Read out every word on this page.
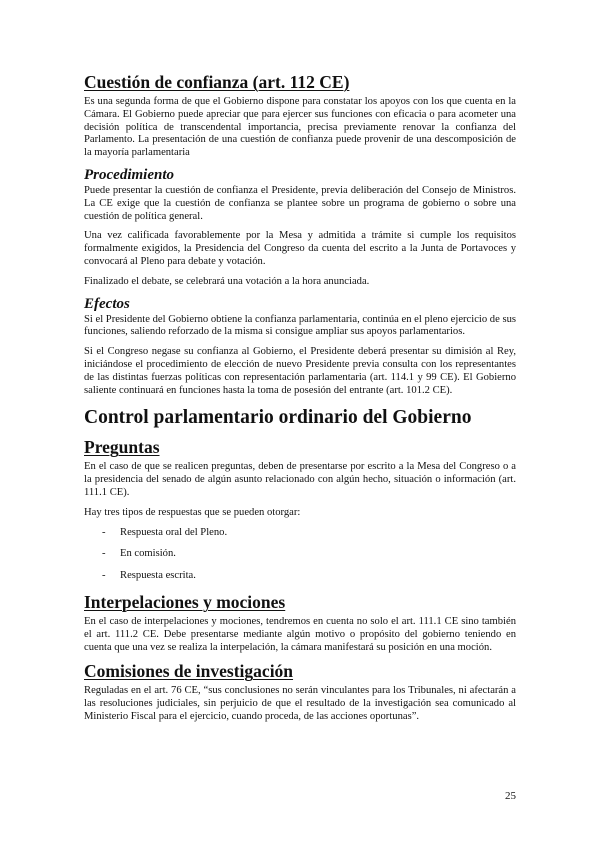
Cuestión de confianza (art. 112 CE)

Es una segunda forma de que el Gobierno dispone para constatar los apoyos con los que cuenta en la Cámara. El Gobierno puede apreciar que para ejercer sus funciones con eficacia o para acometer una decisión política de transcendental importancia, precisa previamente renovar la confianza del Parlamento. La presentación de una cuestión de confianza puede provenir de una descomposición de la mayoría parlamentaria

Procedimiento

Puede presentar la cuestión de confianza el Presidente, previa deliberación del Consejo de Ministros. La CE exige que la cuestión de confianza se plantee sobre un programa de gobierno o sobre una cuestión de política general.

Una vez calificada favorablemente por la Mesa y admitida a trámite si cumple los requisitos formalmente exigidos, la Presidencia del Congreso da cuenta del escrito a la Junta de Portavoces y convocará al Pleno para debate y votación.

Finalizado el debate, se celebrará una votación a la hora anunciada.

Efectos

Si el Presidente del Gobierno obtiene la confianza parlamentaria, continúa en el pleno ejercicio de sus funciones, saliendo reforzado de la misma si consigue ampliar sus apoyos parlamentarios.

Si el Congreso negase su confianza al Gobierno, el Presidente deberá presentar su dimisión al Rey, iniciándose el procedimiento de elección de nuevo Presidente previa consulta con los representantes de las distintas fuerzas políticas con representación parlamentaria (art. 114.1 y 99 CE). El Gobierno saliente continuará en funciones hasta la toma de posesión del entrante (art. 101.2 CE).

Control parlamentario ordinario del Gobierno
Preguntas

En el caso de que se realicen preguntas, deben de presentarse por escrito a la Mesa del Congreso o a la presidencia del senado de algún asunto relacionado con algún hecho, situación o información (art. 111.1 CE).

Hay tres tipos de respuestas que se pueden otorgar:

-	Respuesta oral del Pleno.
-	En comisión.
-	Respuesta escrita.
Interpelaciones y mociones

En el caso de interpelaciones y mociones, tendremos en cuenta no solo el art. 111.1 CE sino también el art. 111.2 CE. Debe presentarse mediante algún motivo o propósito del gobierno teniendo en cuenta que una vez se realiza la interpelación, la cámara manifestará su posición en una moción.

Comisiones de investigación

Reguladas en el art. 76 CE, “sus conclusiones no serán vinculantes para los Tribunales, ni afectarán a las resoluciones judiciales, sin perjuicio de que el resultado de la investigación sea comunicado al Ministerio Fiscal para el ejercicio, cuando proceda, de las acciones oportunas”.

25
